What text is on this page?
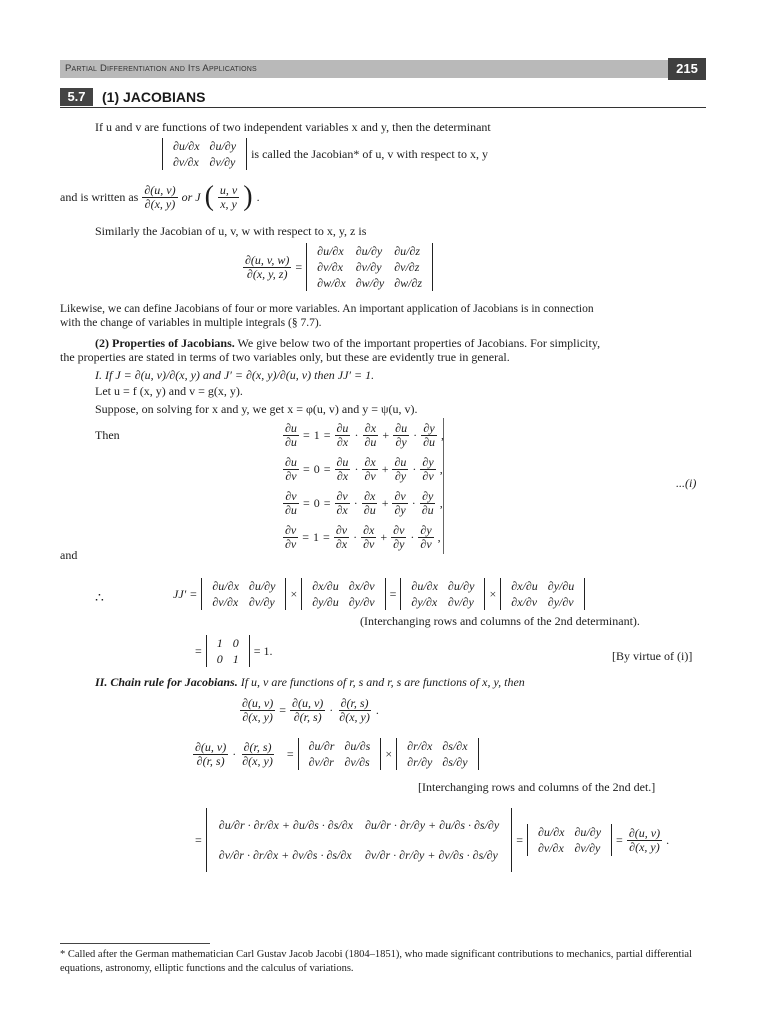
Partial Differentiation and Its Applications	215
5.7	(1) JACOBIANS
If u and v are functions of two independent variables x and y, then the determinant
∂u/∂x	∂u/∂y
∂v/∂x	∂v/∂y
is called the Jacobian* of u, v with respect to x, y
and is written as $\frac{\partial(u, v)}{\partial(x, y)}$ or J ( $\frac{u, v}{x, y}$ ) .
Similarly the Jacobian of u, v, w with respect to x, y, z is
$\frac{\partial(u, v, w)}{\partial(x, y, z)}$ =
∂u/∂x	∂u/∂y	∂u/∂z
∂v/∂x	∂v/∂y	∂v/∂z
∂w/∂x	∂w/∂y	∂w/∂z
Likewise, we can define Jacobians of four or more variables. An important application of Jacobians is in connection
with the change of variables in multiple integrals (§ 7.7).
(2) Properties of Jacobians. We give below two of the important properties of Jacobians. For simplicity,
the properties are stated in terms of two variables only, but these are evidently true in general.
I. If J = ∂(u, v)/∂(x, y) and J′ = ∂(x, y)/∂(u, v) then JJ′ = 1.
Let u = f (x, y) and v = g(x, y).
Suppose, on solving for x and y, we get x = φ(u, v) and y = ψ(u, v).
Then
and
$\frac{\partial u}{\partial u} = 1 = \frac{\partial u}{\partial x} \cdot \frac{\partial x}{\partial u} + \frac{\partial u}{\partial y} \cdot \frac{\partial y}{\partial u}$ ,
$\frac{\partial u}{\partial v} = 0 = \frac{\partial u}{\partial x} \cdot \frac{\partial x}{\partial v} + \frac{\partial u}{\partial y} \cdot \frac{\partial y}{\partial v}$ ,
$\frac{\partial v}{\partial u} = 0 = \frac{\partial v}{\partial x} \cdot \frac{\partial x}{\partial u} + \frac{\partial v}{\partial y} \cdot \frac{\partial y}{\partial u}$ ,
$\frac{\partial v}{\partial v} = 1 = \frac{\partial v}{\partial x} \cdot \frac{\partial x}{\partial v} + \frac{\partial v}{\partial y} \cdot \frac{\partial y}{\partial v}$ ,
...(i)
∴	JJ′ =
∂u/∂x	∂u/∂y
∂v/∂x	∂v/∂y
×
∂x/∂u	∂x/∂v
∂y/∂u	∂y/∂v
=
∂u/∂x	∂u/∂y
∂y/∂x	∂v/∂y
×
∂x/∂u	∂y/∂u
∂x/∂v	∂y/∂v
(Interchanging rows and columns of the 2nd determinant).
=
1	0
0	1
= 1.	[By virtue of (i)]
II. Chain rule for Jacobians. If u, v are functions of r, s and r, s are functions of x, y, then
$\frac{\partial(u, v)}{\partial(x, y)} = \frac{\partial(u, v)}{\partial(r, s)} \cdot \frac{\partial(r, s)}{\partial(x, y)}$ .
$\frac{\partial(u, v)}{\partial(r, s)} \cdot \frac{\partial(r, s)}{\partial(x, y)}$ =
∂u/∂r	∂u/∂s
∂v/∂r	∂v/∂s
×
∂r/∂x	∂s/∂x
∂r/∂y	∂s/∂y
[Interchanging rows and columns of the 2nd det.]
=
∂u/∂r · ∂r/∂x + ∂u/∂s · ∂s/∂x	∂u/∂r · ∂r/∂y + ∂u/∂s · ∂s/∂y
∂v/∂r · ∂r/∂x + ∂v/∂s · ∂s/∂x	∂v/∂r · ∂r/∂y + ∂v/∂s · ∂s/∂y
=
∂u/∂x	∂u/∂y
∂v/∂x	∂v/∂y
= $\frac{\partial(u, v)}{\partial(x, y)}$ .
* Called after the German mathematician Carl Gustav Jacob Jacobi (1804–1851), who made significant contributions to mechanics, partial differential equations, astronomy, elliptic functions and the calculus of variations.
